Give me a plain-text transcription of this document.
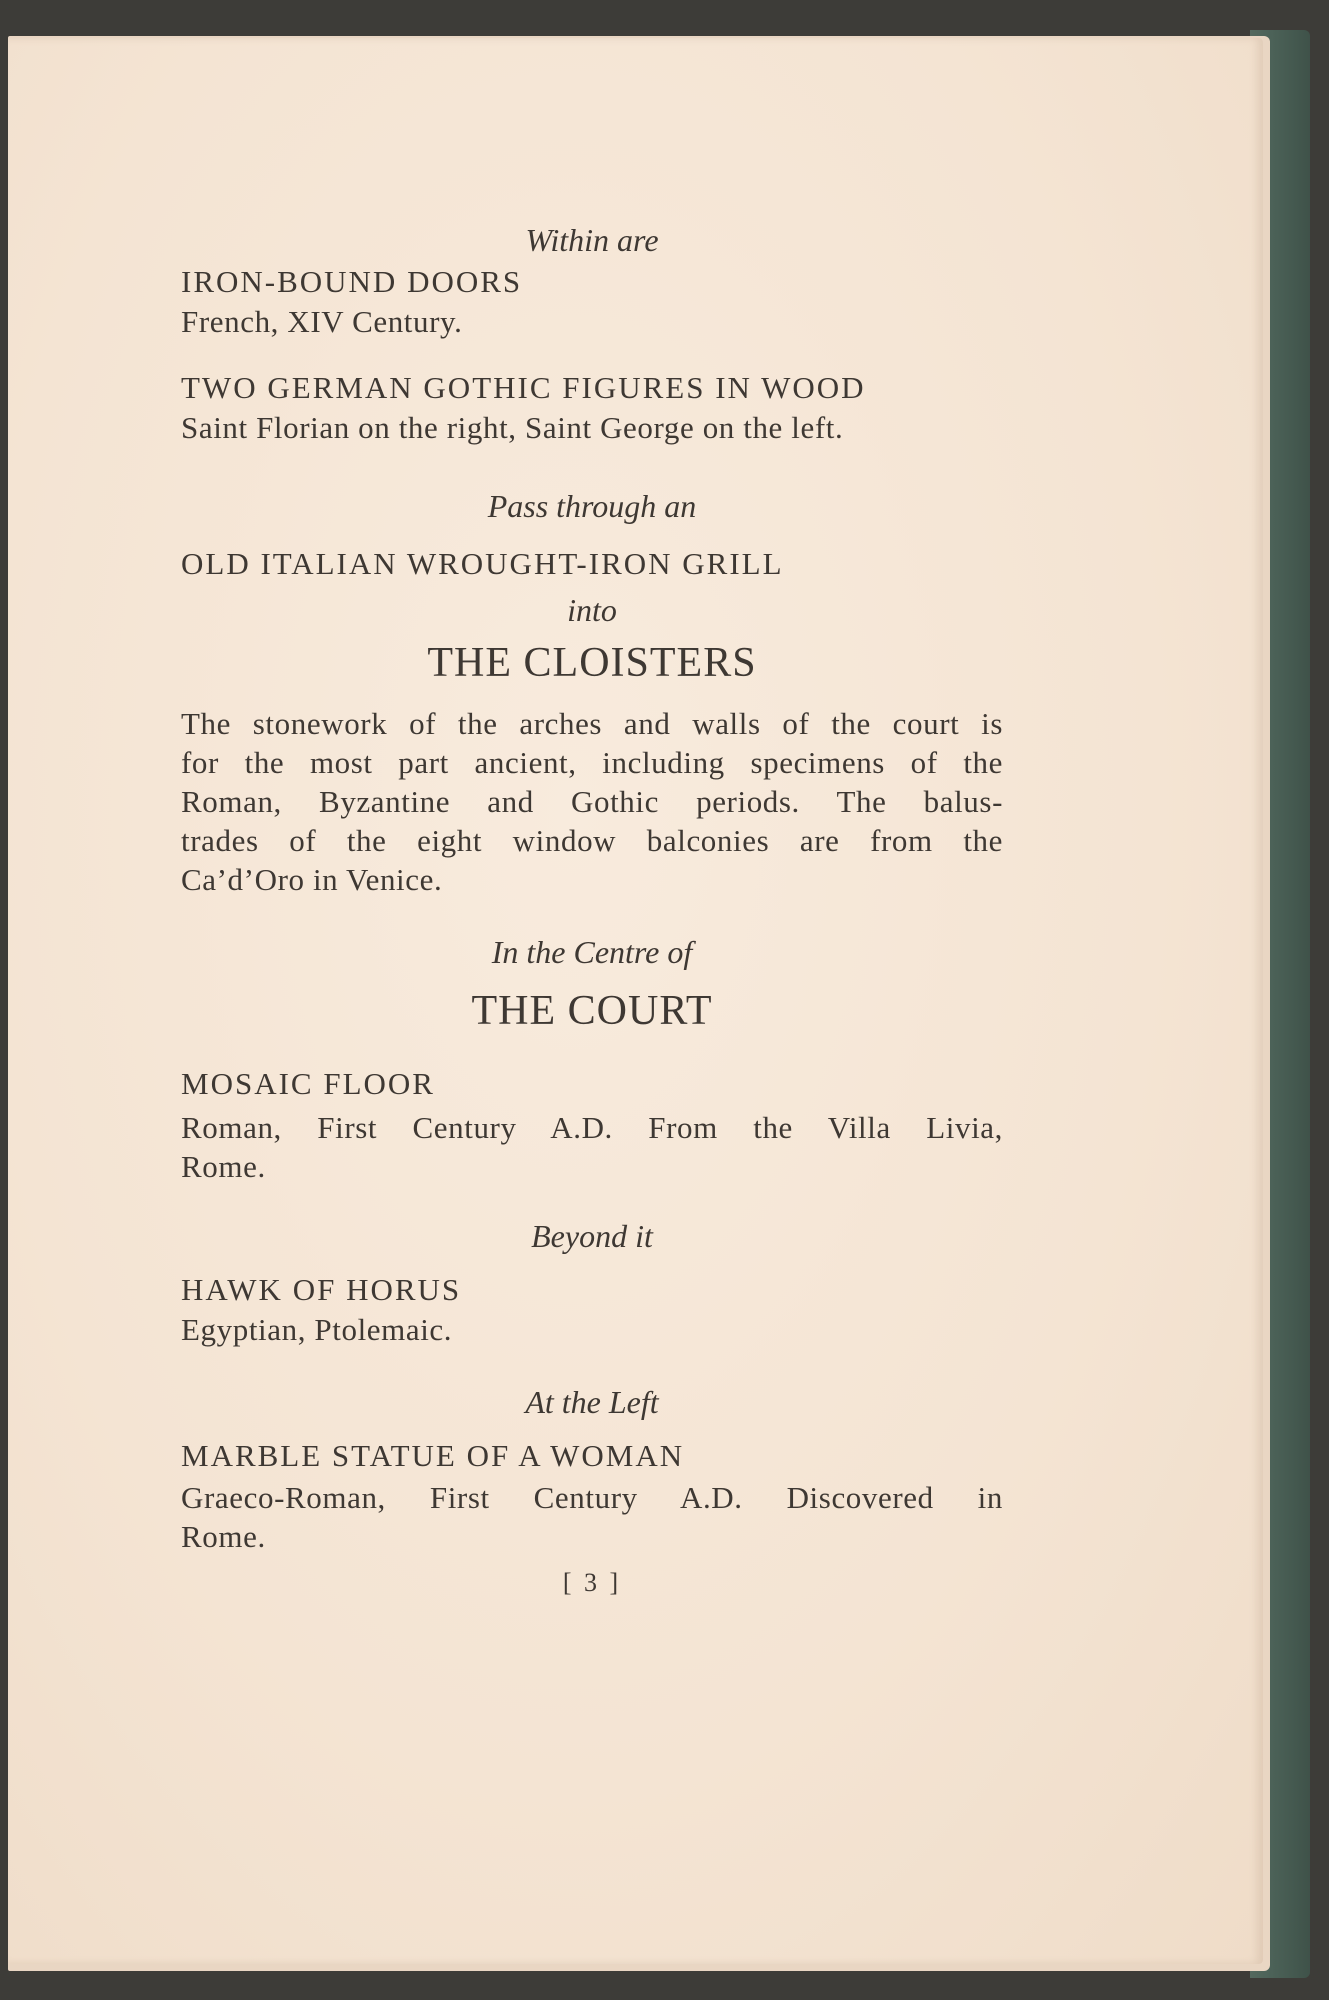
Within are
IRON-BOUND DOORS
French, XIV Century.
TWO GERMAN GOTHIC FIGURES IN WOOD
Saint Florian on the right, Saint George on the left.
Pass through an
OLD ITALIAN WROUGHT-IRON GRILL
into
THE CLOISTERS
The stonework of the arches and walls of the court is
for the most part ancient, including specimens of the
Roman, Byzantine and Gothic periods. The balus-
trades of the eight window balconies are from the
Ca’d’Oro in Venice.
In the Centre of
THE COURT
MOSAIC FLOOR
Roman, First Century A.D. From the Villa Livia,
Rome.
Beyond it
HAWK OF HORUS
Egyptian, Ptolemaic.
At the Left
MARBLE STATUE OF A WOMAN
Graeco-Roman, First Century A.D. Discovered in
Rome.
[ 3 ]
